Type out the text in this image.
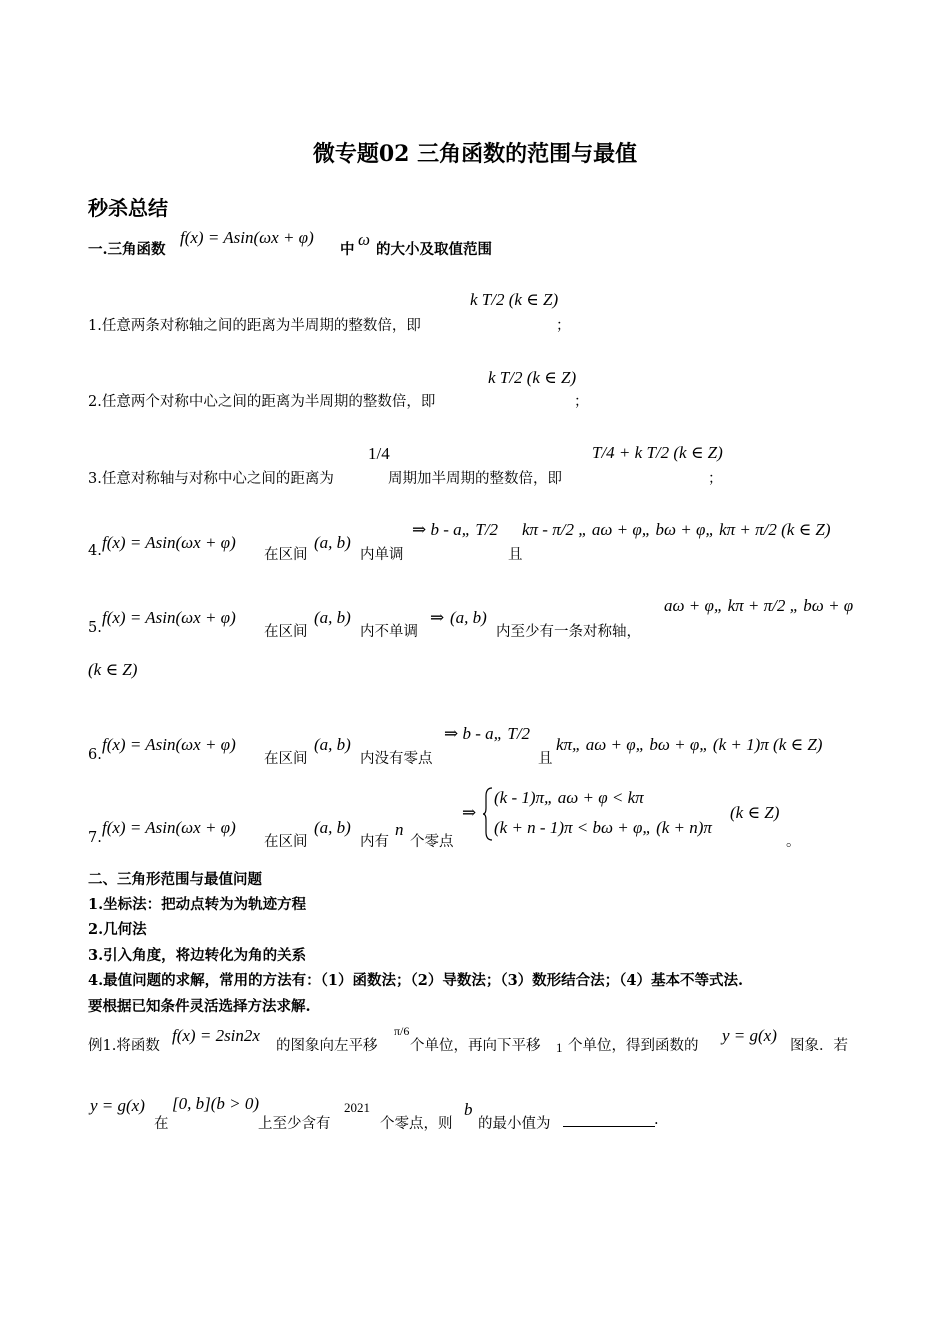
微专题02 三角函数的范围与最值
秒杀总结
一.三角函数
f(x) = Asin(ωx + φ)
中
ω
的大小及取值范围
1.任意两条对称轴之间的距离为半周期的整数倍，即
k T/2 (k ∈ Z)
；
2.任意两个对称中心之间的距离为半周期的整数倍，即
k T/2 (k ∈ Z)
；
3.任意对称轴与对称中心之间的距离为
1/4
周期加半周期的整数倍，即
T/4 + k T/2 (k ∈ Z)
；
4. f(x) = Asin(ωx + φ)
在区间
(a, b)
内单调
⇒ b - a„ T/2
且
kπ - π/2 „ aω + φ„ bω + φ„ kπ + π/2 (k ∈ Z)
5.
f(x) = Asin(ωx + φ)
在区间
(a, b)
内不单调
⇒ (a, b)
内至少有一条对称轴，
aω + φ„ kπ + π/2 „ bω + φ
(k ∈ Z)
6.
f(x) = Asin(ωx + φ)
在区间
(a, b)
内没有零点
⇒ b - a„ T/2
且
kπ„ aω + φ„ bω + φ„ (k + 1)π (k ∈ Z)
7.
f(x) = Asin(ωx + φ)
在区间
(a, b)
内有
n
个零点
⇒
(k - 1)π„ aω + φ < kπ
(k + n - 1)π < bω + φ„ (k + n)π
(k ∈ Z)
。
二、三角形范围与最值问题
1.坐标法：把动点转为为轨迹方程
2.几何法
3.引入角度，将边转化为角的关系
4.最值问题的求解，常用的方法有：（1）函数法；（2）导数法；（3）数形结合法；（4）基本不等式法.
要根据已知条件灵活选择方法求解.
例1.将函数
f(x) = 2sin2x
的图象向左平移
π/6
个单位，再向下平移 1 个单位，得到函数的
y = g(x)
图象．若
y = g(x)
在
[0, b](b > 0)
上至少含有
2021
个零点，则
b
的最小值为	.
